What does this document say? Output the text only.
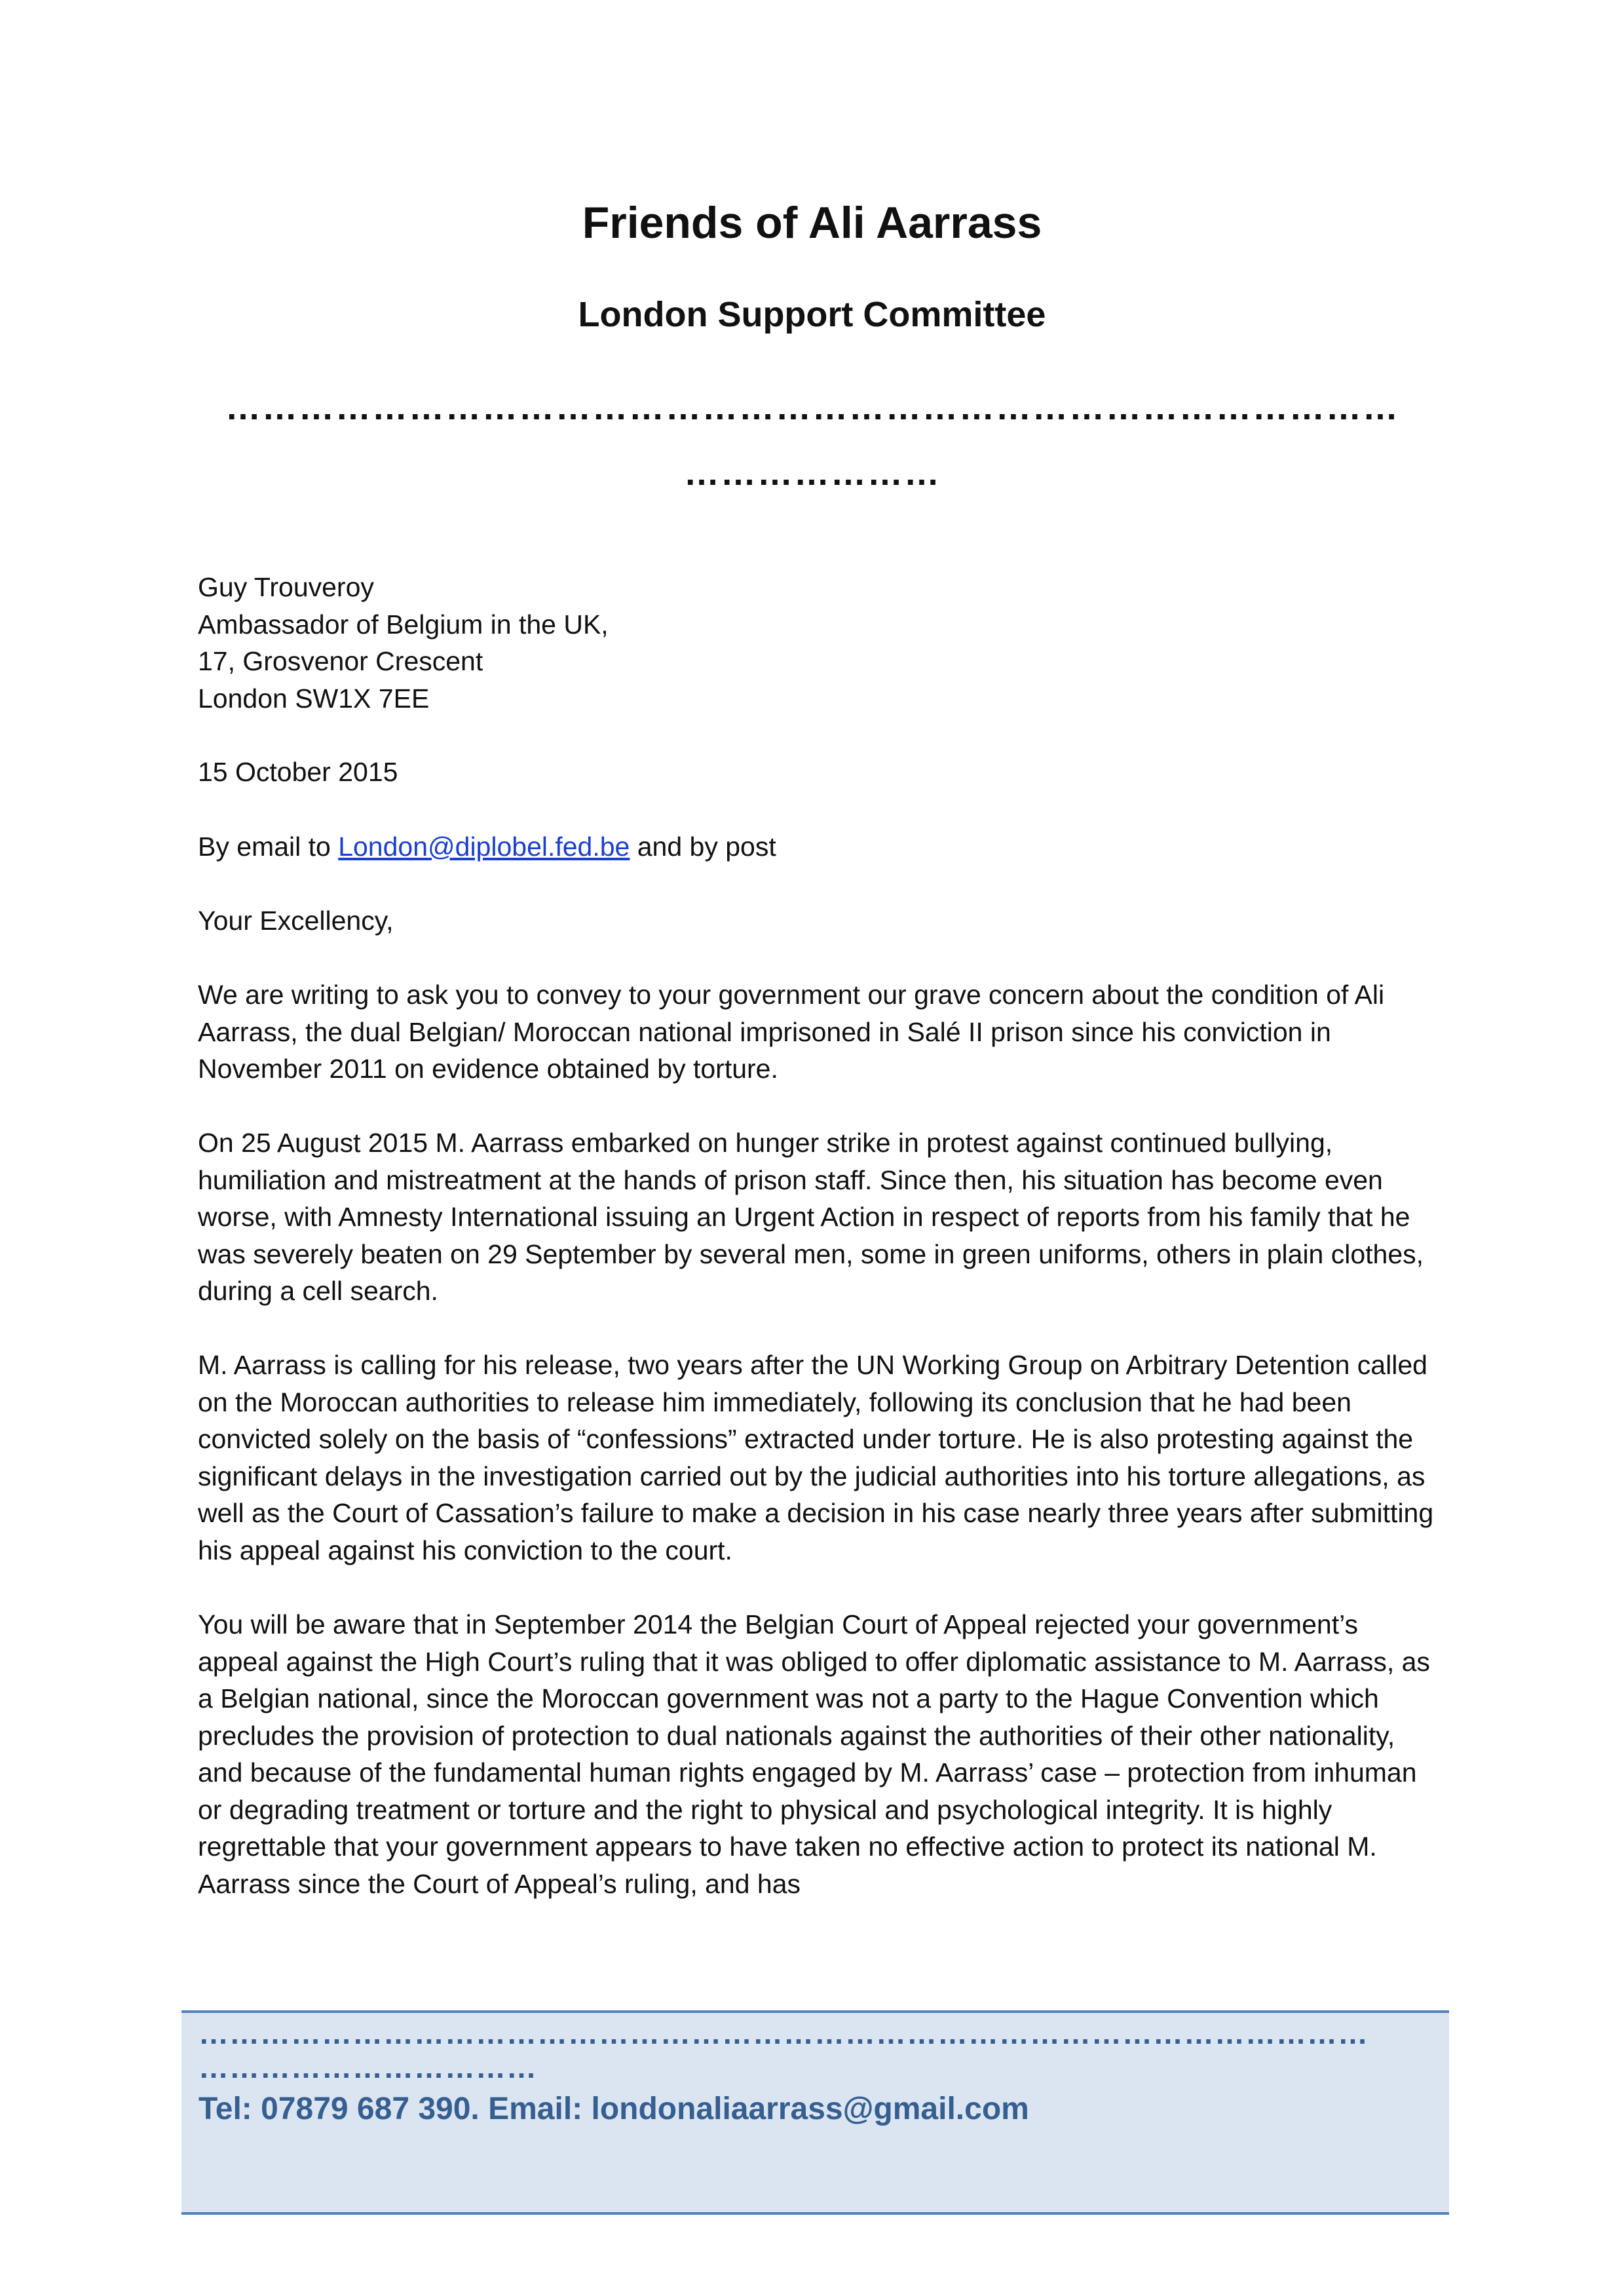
Friends of Ali Aarrass
London Support Committee
……………………………………………………………………………………
…………………
Guy Trouveroy
Ambassador of Belgium in the UK,
17, Grosvenor Crescent
London SW1X 7EE
15 October 2015
By email to London@diplobel.fed.be and by post
Your Excellency,
We are writing to ask you to convey to your government our grave concern about the condition of Ali Aarrass, the dual Belgian/ Moroccan national imprisoned in Salé II prison since his conviction in November 2011 on evidence obtained by torture.
On 25 August 2015 M. Aarrass embarked on hunger strike in protest against continued bullying, humiliation and mistreatment at the hands of prison staff. Since then, his situation has become even worse, with Amnesty International issuing an Urgent Action in respect of reports from his family that he was severely beaten on 29 September by several men, some in green uniforms, others in plain clothes, during a cell search.
M. Aarrass is calling for his release, two years after the UN Working Group on Arbitrary Detention called on the Moroccan authorities to release him immediately, following its conclusion that he had been convicted solely on the basis of “confessions” extracted under torture. He is also protesting against the significant delays in the investigation carried out by the judicial authorities into his torture allegations, as well as the Court of Cassation’s failure to make a decision in his case nearly three years after submitting his appeal against his conviction to the court.
You will be aware that in September 2014 the Belgian Court of Appeal rejected your government’s appeal against the High Court’s ruling that it was obliged to offer diplomatic assistance to M. Aarrass, as a Belgian national, since the Moroccan government was not a party to the Hague Convention which precludes the provision of protection to dual nationals against the authorities of their other nationality, and because of the fundamental human rights engaged by M. Aarrass’ case – protection from inhuman or degrading treatment or torture and the right to physical and psychological integrity. It is highly regrettable that your government appears to have taken no effective action to protect its national M. Aarrass since the Court of Appeal’s ruling, and has
……………………………………………………………………………………………………
……………………………
Tel: 07879 687 390. Email: londonaliaarrass@gmail.com
